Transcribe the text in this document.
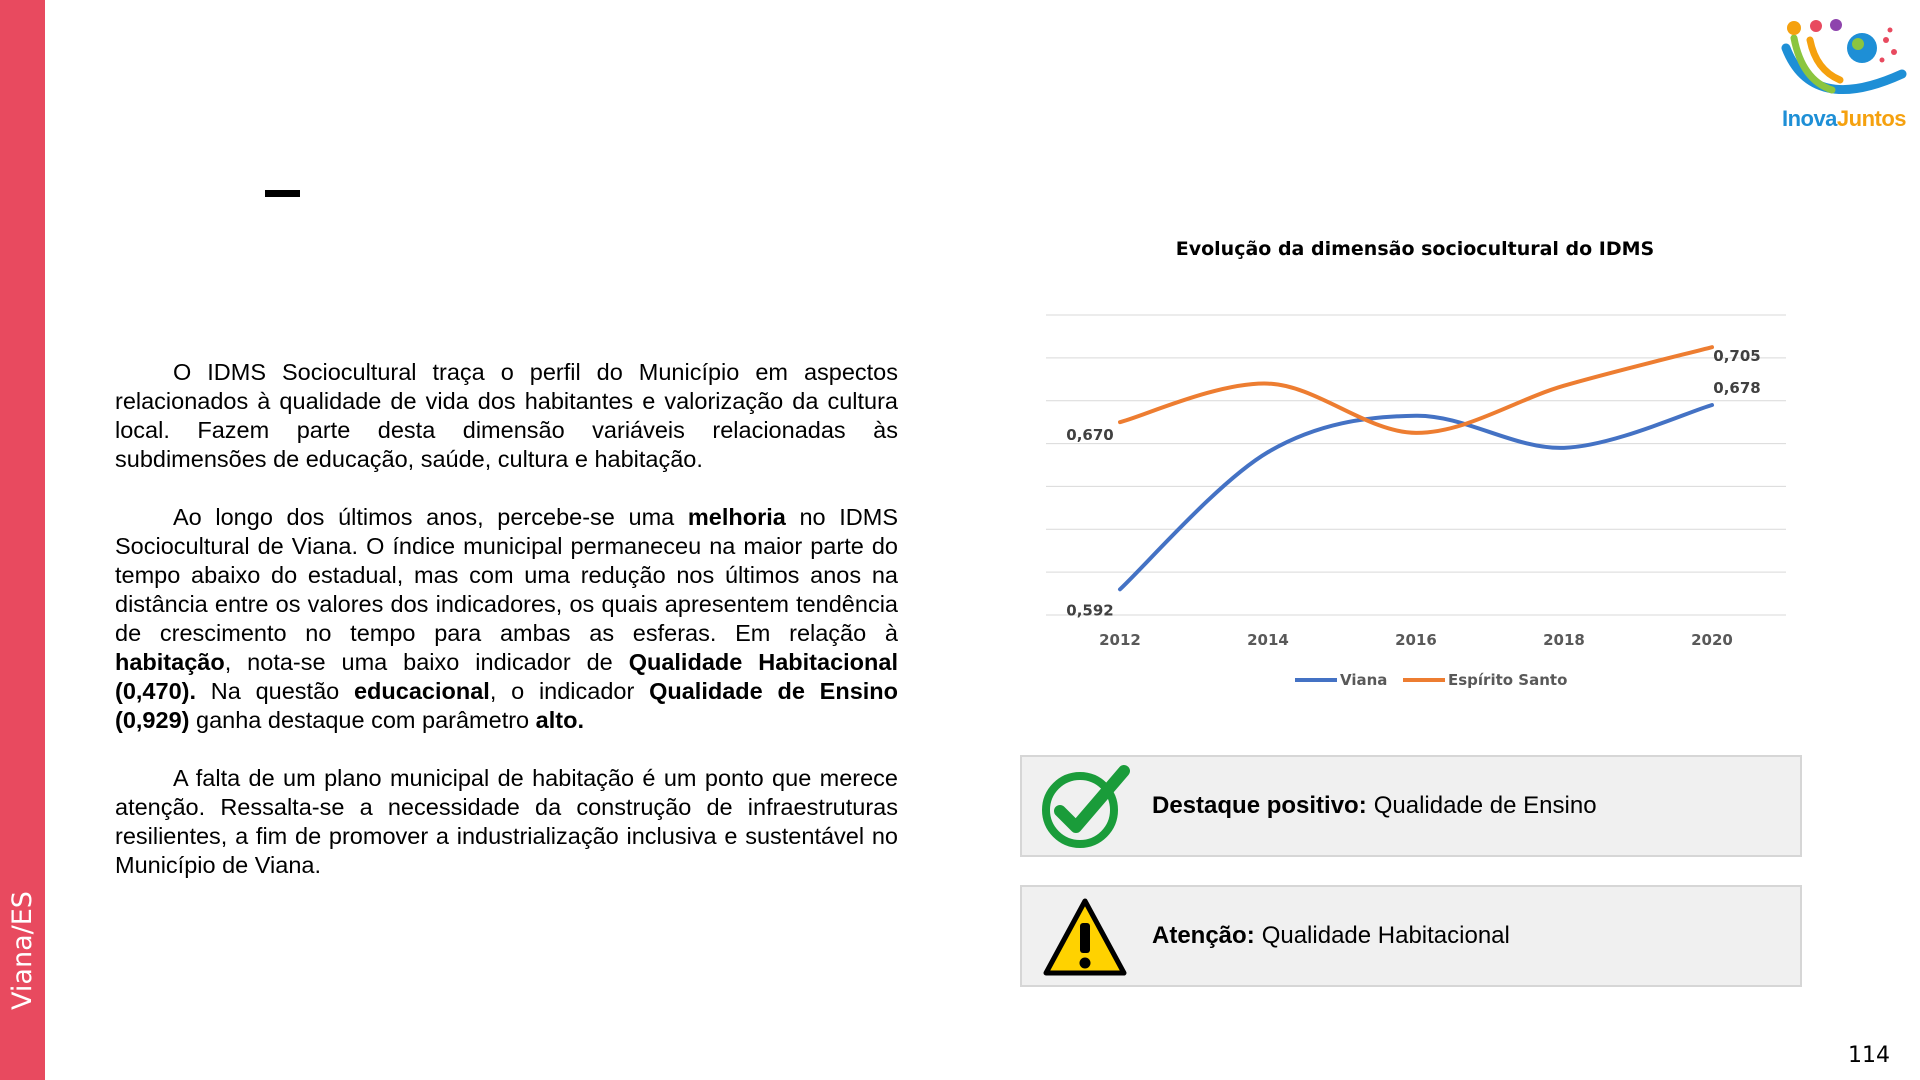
Viana/ES
InovaJuntos

O IDMS Sociocultural traça o perfil do Município em aspectos relacionados à qualidade de vida dos habitantes e valorização da cultura local. Fazem parte desta dimensão variáveis relacionadas às subdimensões de educação, saúde, cultura e habitação.

Ao longo dos últimos anos, percebe-se uma melhoria no IDMS Sociocultural de Viana. O índice municipal permaneceu na maior parte do tempo abaixo do estadual, mas com uma redução nos últimos anos na distância entre os valores dos indicadores, os quais apresentem tendência de crescimento no tempo para ambas as esferas. Em relação à habitação, nota-se uma baixo indicador de Qualidade Habitacional (0,470). Na questão educacional, o indicador Qualidade de Ensino (0,929) ganha destaque com parâmetro alto.

A falta de um plano municipal de habitação é um ponto que merece atenção. Ressalta-se a necessidade da construção de infraestruturas resilientes, a fim de promover a industrialização inclusiva e sustentável no Município de Viana.

Evolução da dimensão sociocultural do IDMS
2012	2014	2016	2018	2020
0,592
0,678
0,670
0,705
Viana	Espírito Santo
Destaque positivo: Qualidade de Ensino
Atenção: Qualidade Habitacional
114
